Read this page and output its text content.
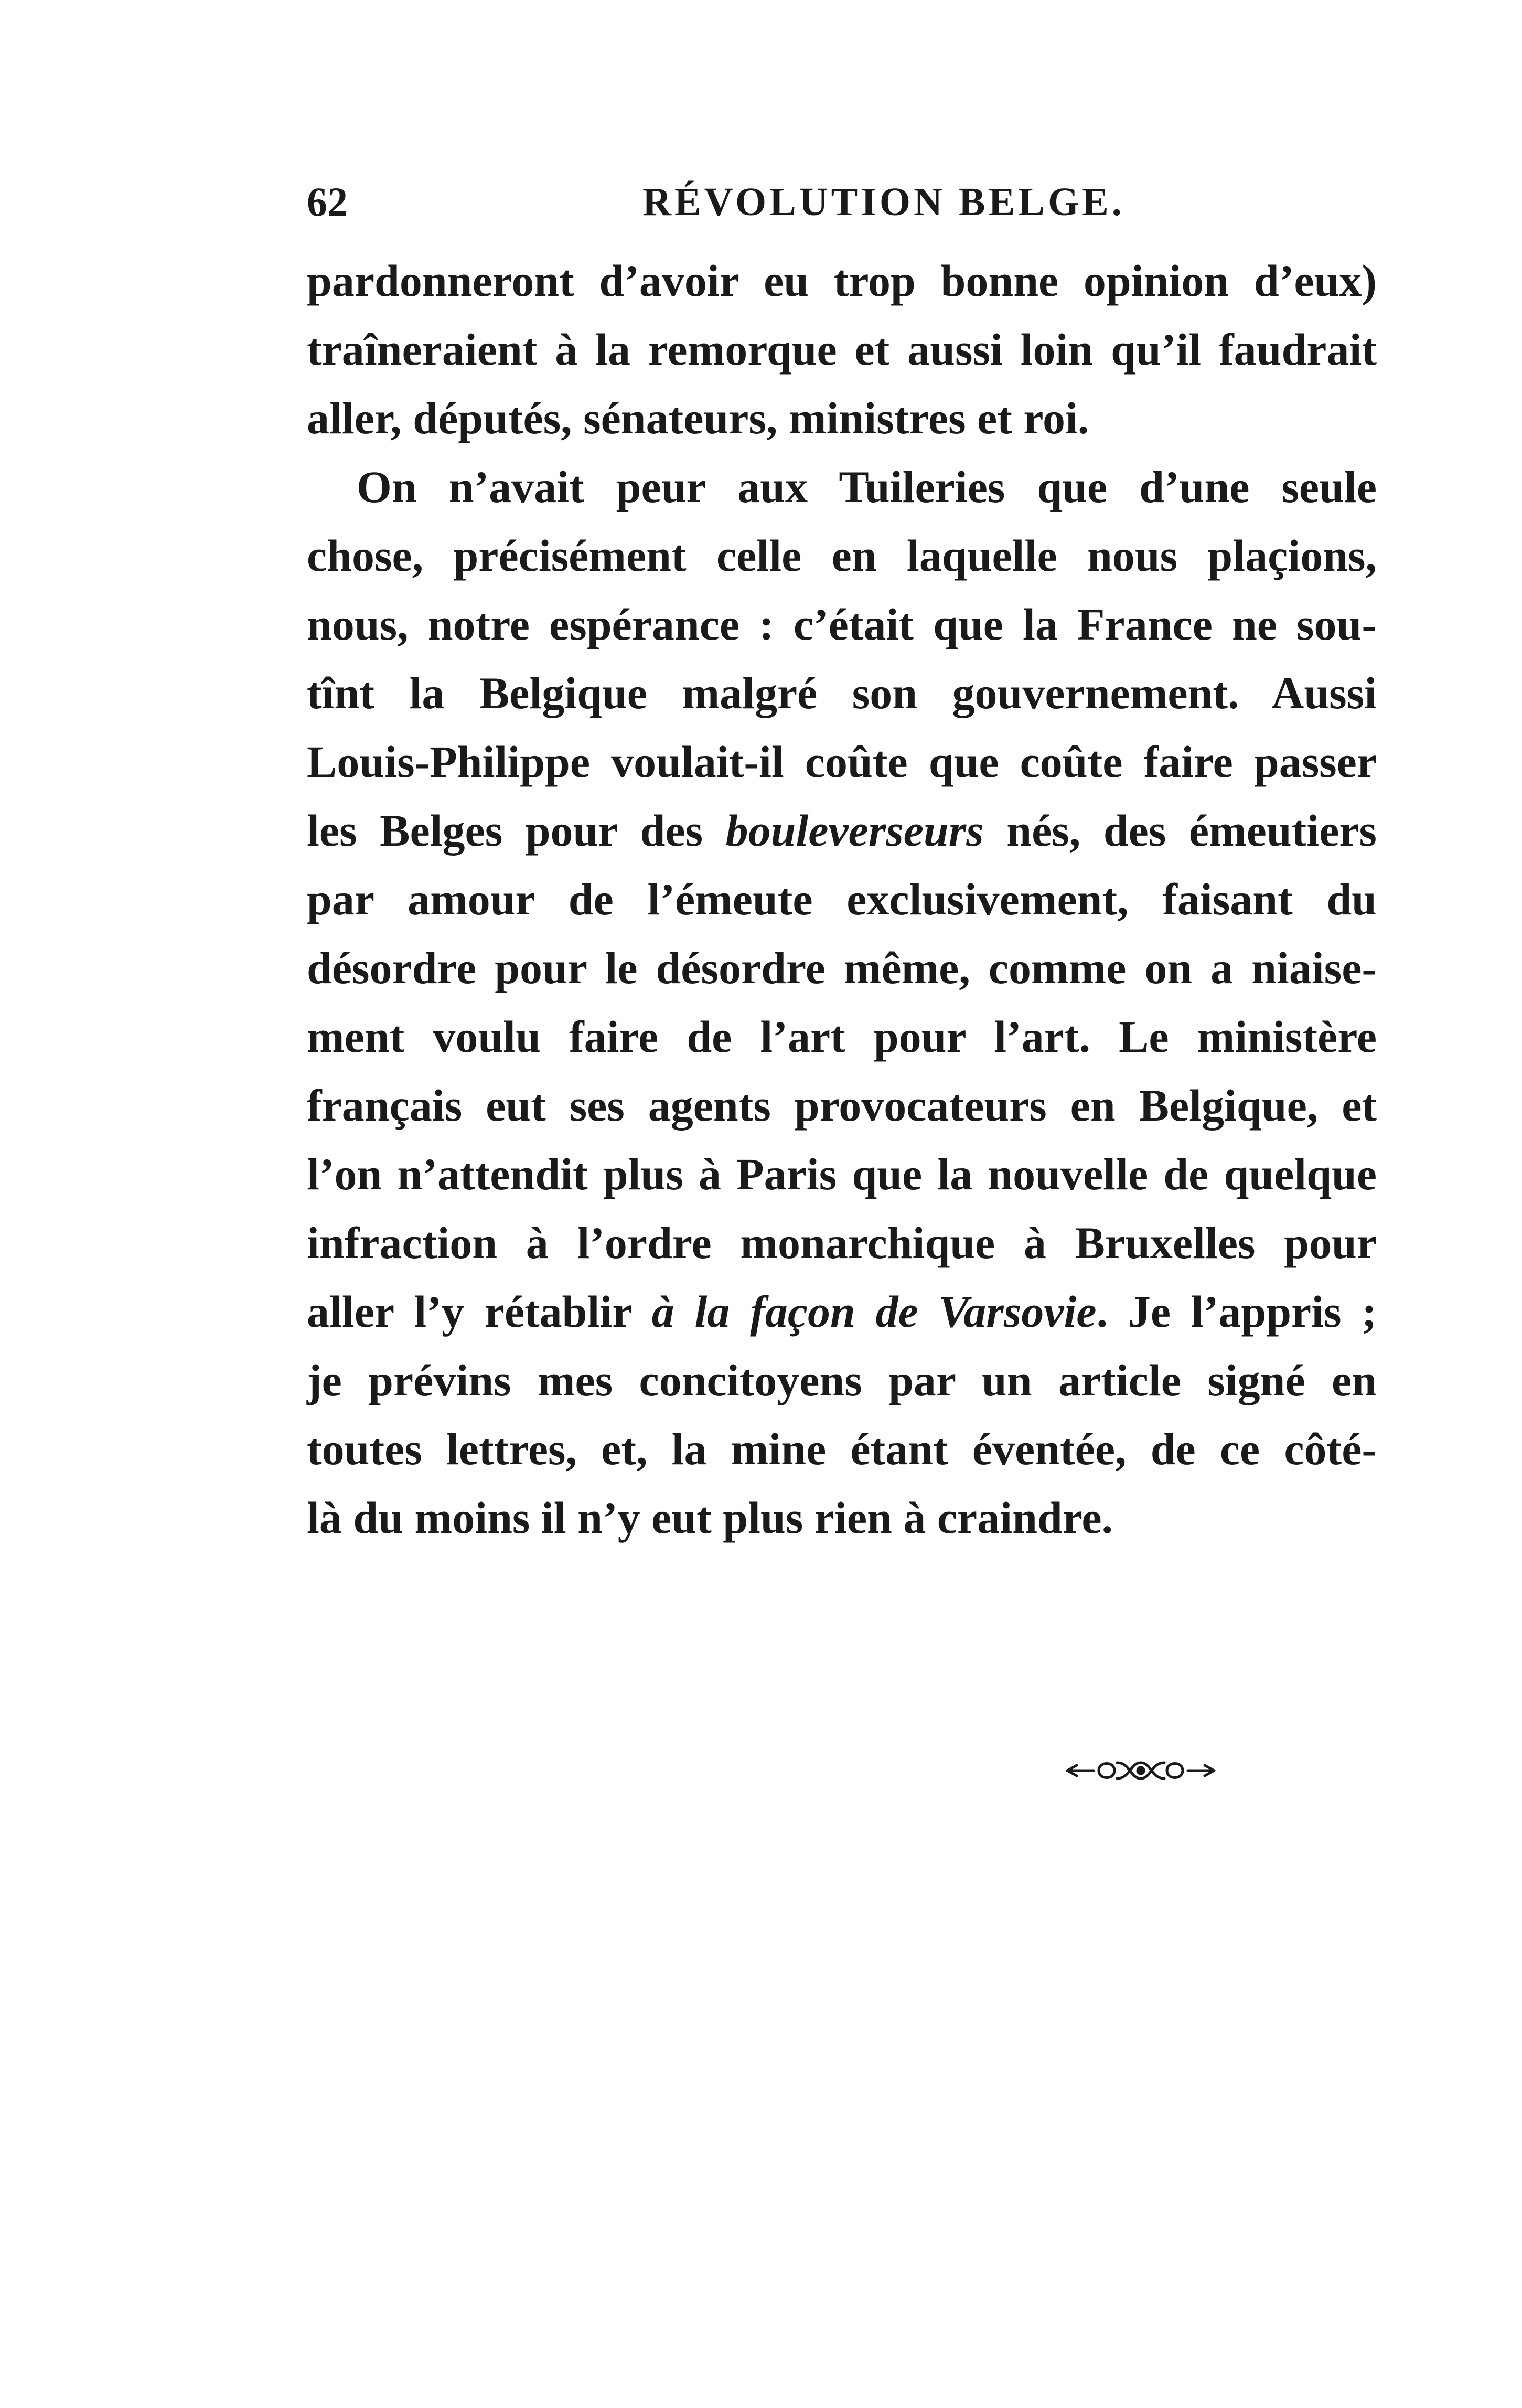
62	RÉVOLUTION BELGE.
pardonneront d’avoir eu trop bonne opinion d’eux)
traîneraient à la remorque et aussi loin qu’il faudrait
aller, députés, sénateurs, ministres et roi.
On n’avait peur aux Tuileries que d’une seule
chose, précisément celle en laquelle nous plaçions,
nous, notre espérance : c’était que la France ne sou-
tînt la Belgique malgré son gouvernement. Aussi
Louis-Philippe voulait-il coûte que coûte faire passer
les Belges pour des bouleverseurs nés, des émeutiers
par amour de l’émeute exclusivement, faisant du
désordre pour le désordre même, comme on a niaise-
ment voulu faire de l’art pour l’art. Le ministère
français eut ses agents provocateurs en Belgique, et
l’on n’attendit plus à Paris que la nouvelle de quelque
infraction à l’ordre monarchique à Bruxelles pour
aller l’y rétablir à la façon de Varsovie. Je l’appris ;
je prévins mes concitoyens par un article signé en
toutes lettres, et, la mine étant éventée, de ce côté-
là du moins il n’y eut plus rien à craindre.
